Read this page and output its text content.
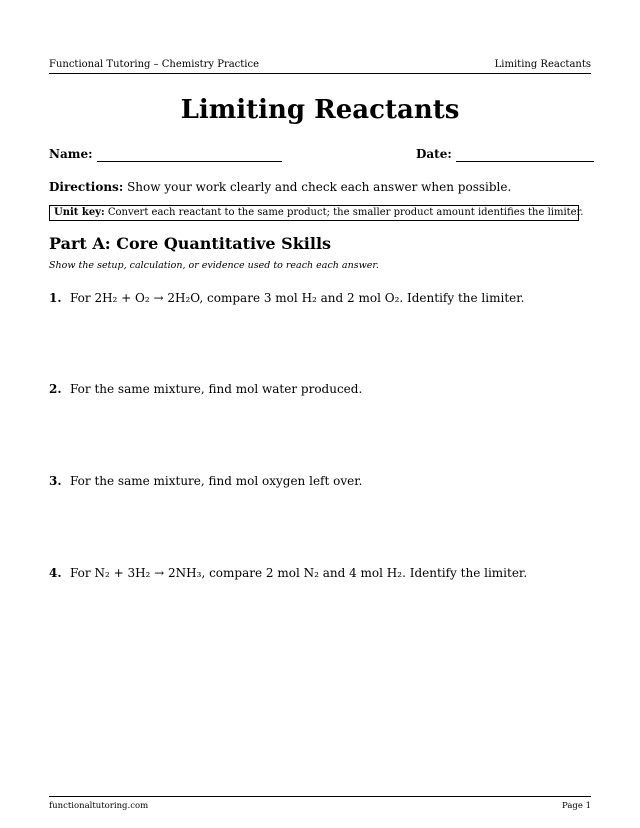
Functional Tutoring – Chemistry Practice	Limiting Reactants
Limiting Reactants
Name:	Date:
Directions: Show your work clearly and check each answer when possible.
Unit key: Convert each reactant to the same product; the smaller product amount identifies the limiter.
Part A: Core Quantitative Skills
Show the setup, calculation, or evidence used to reach each answer.
1. For 2H₂ + O₂ → 2H₂O, compare 3 mol H₂ and 2 mol O₂. Identify the limiter.
2. For the same mixture, find mol water produced.
3. For the same mixture, find mol oxygen left over.
4. For N₂ + 3H₂ → 2NH₃, compare 2 mol N₂ and 4 mol H₂. Identify the limiter.
functionaltutoring.com	Page 1
